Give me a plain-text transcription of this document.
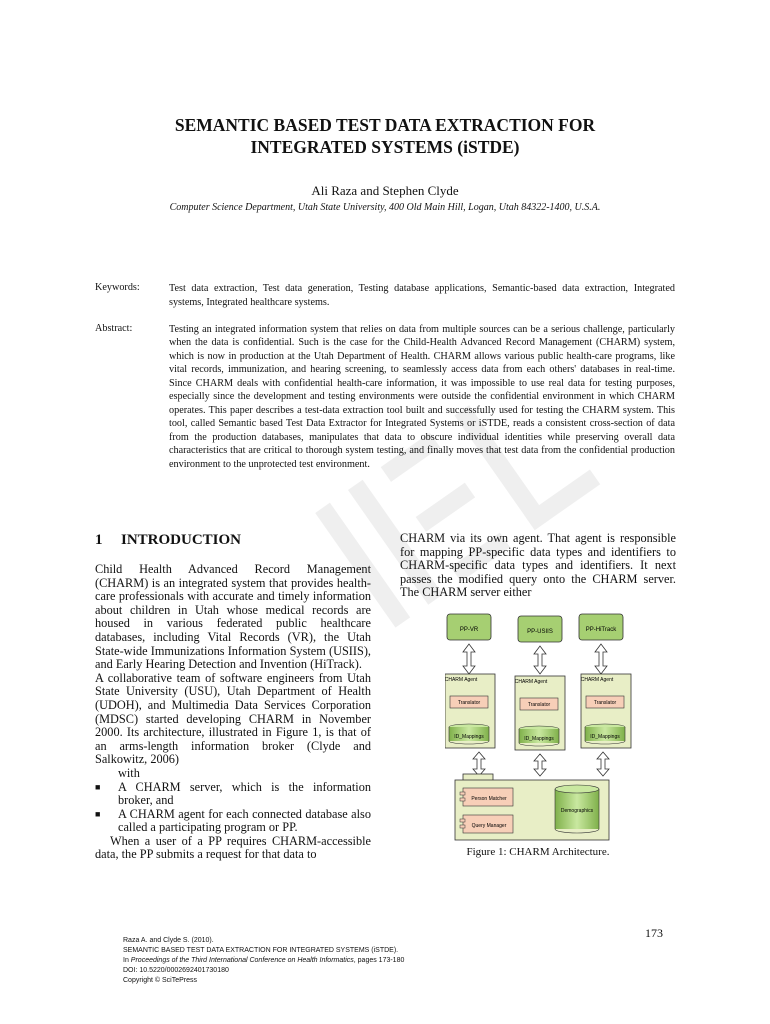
SEMANTIC BASED TEST DATA EXTRACTION FOR
INTEGRATED SYSTEMS (iSTDE)
Ali Raza and Stephen Clyde
Computer Science Department, Utah State University, 400 Old Main Hill, Logan, Utah 84322-1400, U.S.A.
Keywords:	Test data extraction, Test data generation, Testing database applications, Semantic-based data extraction, Integrated systems, Integrated healthcare systems.
Abstract:	Testing an integrated information system that relies on data from multiple sources can be a serious challenge, particularly when the data is confidential. Such is the case for the Child-Health Advanced Record Management (CHARM) system, which is now in production at the Utah Department of Health. CHARM allows various public health-care programs, like vital records, immunization, and hearing screening, to seamlessly access data from each others' databases in real-time. Since CHARM deals with confidential health-care information, it was impossible to use real data for testing purposes, especially since the development and testing environments were outside the confidential environment in which CHARM operates. This paper describes a test-data extraction tool built and successfully used for testing the CHARM system. This tool, called Semantic based Test Data Extractor for Integrated Systems or iSTDE, reads a consistent cross-section of data from the production databases, manipulates that data to obscure individual identities while preserving overall data characteristics that are critical to thorough system testing, and finally moves that test data from the confidential production environment to the unprotected test environment.
1 INTRODUCTION

Child Health Advanced Record Management (CHARM) is an integrated system that provides health-care professionals with accurate and timely information about children in Utah whose medical records are housed in various federated public healthcare databases, including Vital Records (VR), the Utah State-wide Immunizations Information System (USIIS), and Early Hearing Detection and Invention (HiTrack).

A collaborative team of software engineers from Utah State University (USU), Utah Department of Health (UDOH), and Multimedia Data Services Corporation (MDSC) started developing CHARM in November 2000. Its architecture, illustrated in Figure 1, is that of an arms-length information broker (Clyde and Salkowitz, 2006)

with

■ A CHARM server, which is the information broker, and
■ A CHARM agent for each connected database also called a participating program or PP.

When a user of a PP requires CHARM-accessible data, the PP submits a request for that data to

CHARM via its own agent. That agent is responsible for mapping PP-specific data types and identifiers to CHARM-specific data types and identifiers. It next passes the modified query onto the CHARM server. The CHARM server either
PP-VR	PP-USIIS	PP-HiTrack
CHARM Agent
Translator
ID_Mappings
CHARM Agent
Translator
ID_Mappings
CHARM Agent
Translator
ID_Mappings
Person Matcher
Query Manager
Demographics
Figure 1: CHARM Architecture.
173
Raza A. and Clyde S. (2010).
SEMANTIC BASED TEST DATA EXTRACTION FOR INTEGRATED SYSTEMS (iSTDE).
In Proceedings of the Third International Conference on Health Informatics, pages 173-180
DOI: 10.5220/0002692401730180
Copyright © SciTePress
